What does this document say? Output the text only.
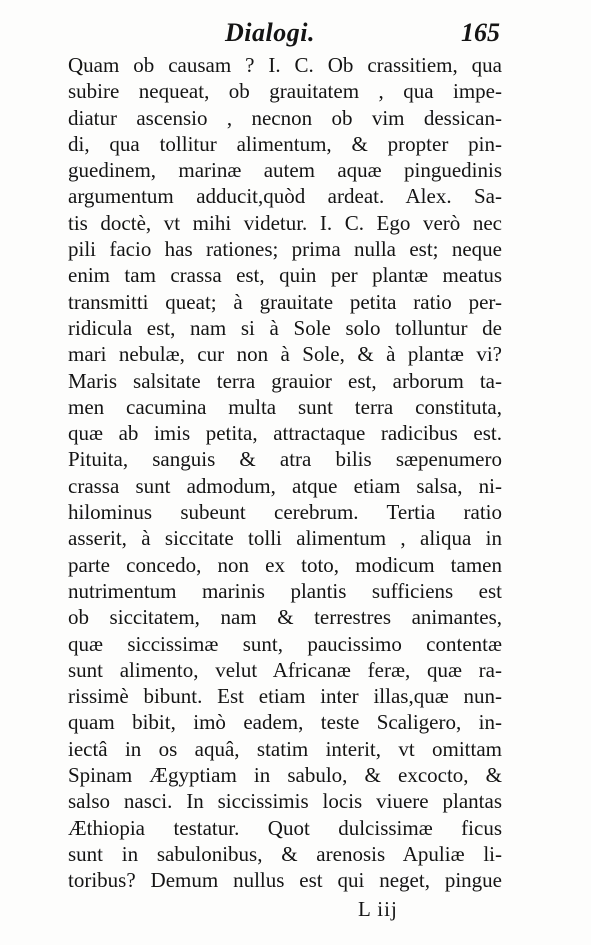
Dialogi.	165
Quam ob causam ? I. C. Ob crassitiem, qua
subire nequeat, ob grauitatem , qua impe-
diatur ascensio , necnon ob vim dessican-
di, qua tollitur alimentum, & propter pin-
guedinem, marinæ autem aquæ pinguedinis
argumentum adducit,quòd ardeat. Alex. Sa-
tis doctè, vt mihi videtur. I. C. Ego verò nec
pili facio has rationes; prima nulla est; neque
enim tam crassa est, quin per plantæ meatus
transmitti queat; à grauitate petita ratio per-
ridicula est, nam si à Sole solo tolluntur de
mari nebulæ, cur non à Sole, & à plantæ vi?
Maris salsitate terra grauior est, arborum ta-
men cacumina multa sunt terra constituta,
quæ ab imis petita, attractaque radicibus est.
Pituita, sanguis & atra bilis sæpenumero
crassa sunt admodum, atque etiam salsa, ni-
hilominus subeunt cerebrum. Tertia ratio
asserit, à siccitate tolli alimentum , aliqua in
parte concedo, non ex toto, modicum tamen
nutrimentum marinis plantis sufficiens est
ob siccitatem, nam & terrestres animantes,
quæ siccissimæ sunt, paucissimo contentæ
sunt alimento, velut Africanæ feræ, quæ ra-
rissimè bibunt. Est etiam inter illas,quæ nun-
quam bibit, imò eadem, teste Scaligero, in-
iectâ in os aquâ, statim interit, vt omittam
Spinam Ægyptiam in sabulo, & excocto, &
salso nasci. In siccissimis locis viuere plantas
Æthiopia testatur. Quot dulcissimæ ficus
sunt in sabulonibus, & arenosis Apuliæ li-
toribus? Demum nullus est qui neget, pingue
L iij
